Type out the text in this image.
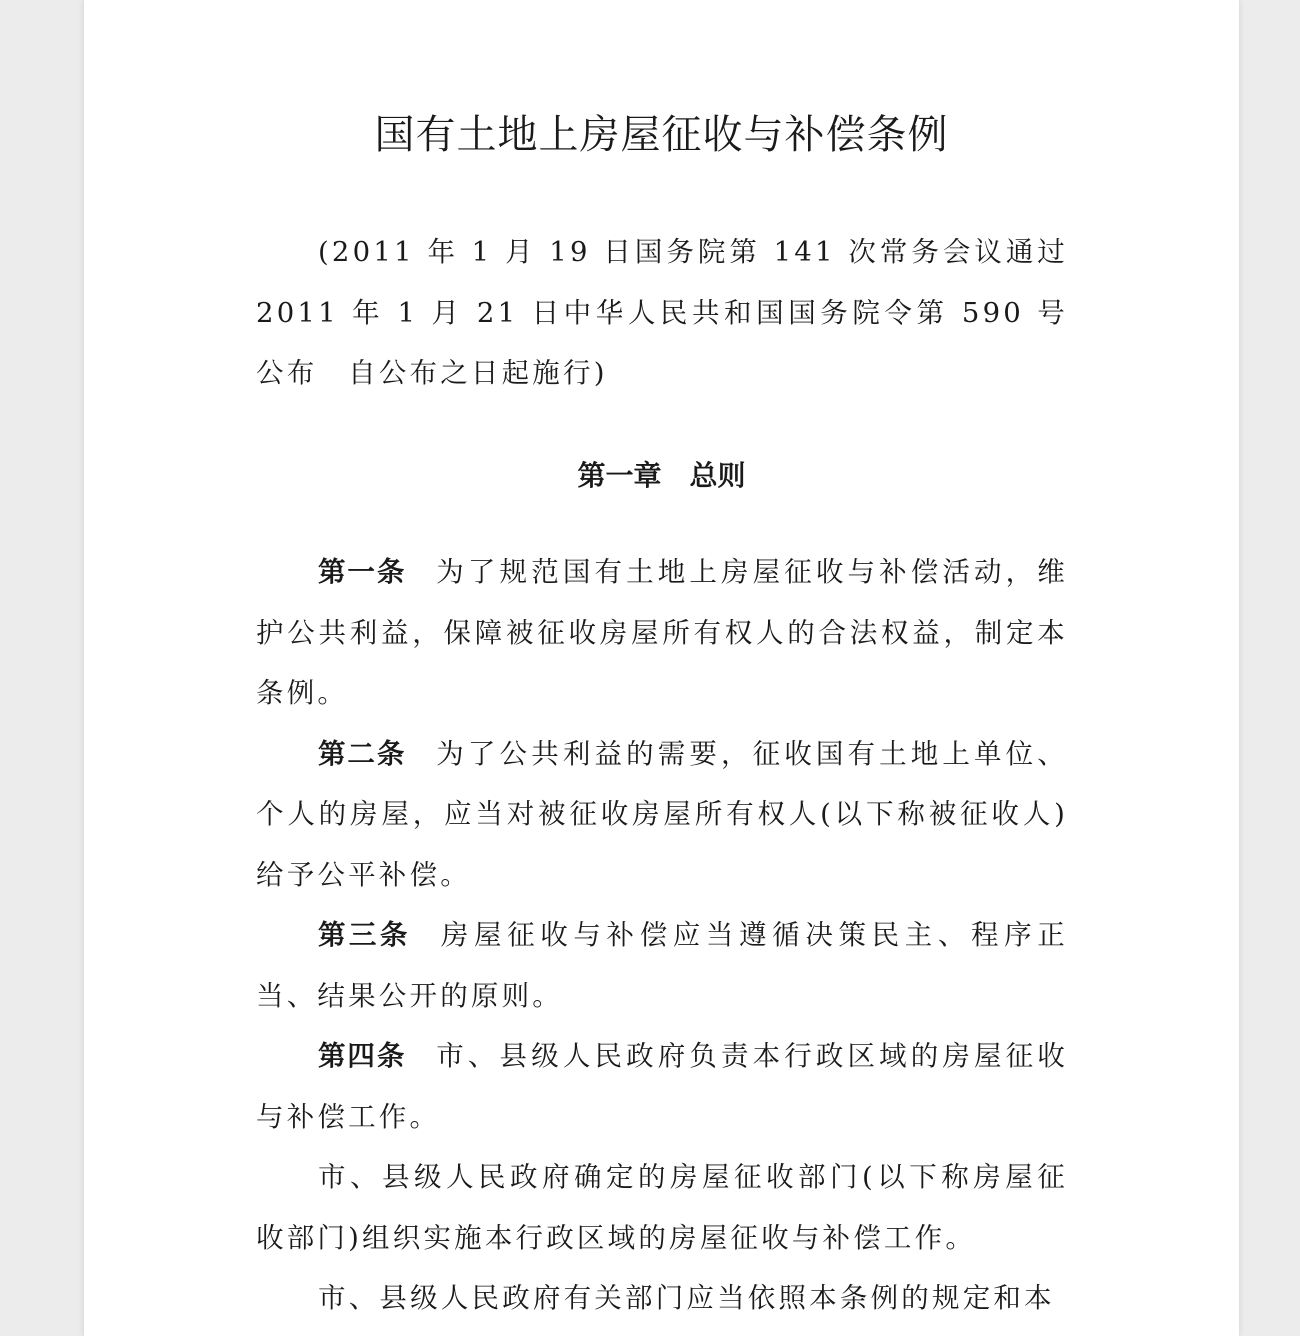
国有土地上房屋征收与补偿条例

(2011 年 1 月 19 日国务院第 141 次常务会议通过　2011 年 1 月 21 日中华人民共和国国务院令第 590 号公布　自公布之日起施行)

第一章　总则

第一条 为了规范国有土地上房屋征收与补偿活动，维护公共利益，保障被征收房屋所有权人的合法权益，制定本条例。

第二条 为了公共利益的需要，征收国有土地上单位、个人的房屋，应当对被征收房屋所有权人(以下称被征收人)给予公平补偿。

第三条 房屋征收与补偿应当遵循决策民主、程序正当、结果公开的原则。

第四条 市、县级人民政府负责本行政区域的房屋征收与补偿工作。

市、县级人民政府确定的房屋征收部门(以下称房屋征收部门)组织实施本行政区域的房屋征收与补偿工作。

市、县级人民政府有关部门应当依照本条例的规定和本
